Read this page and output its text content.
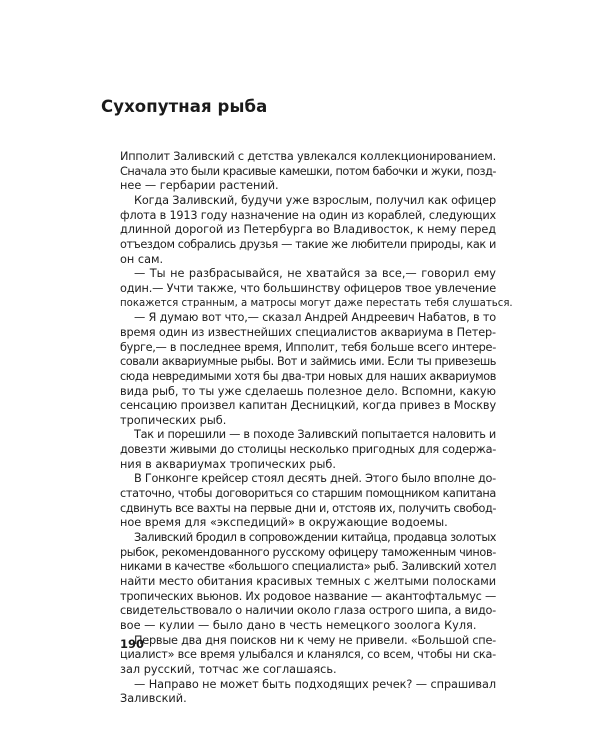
Сухопутная рыба

Ипполит Заливский с детства увлекался коллекционированием.
Сначала это были красивые камешки, потом бабочки и жуки, позд-
нее — гербарии растений.

Когда Заливский, будучи уже взрослым, получил как офицер
флота в 1913 году назначение на один из кораблей, следующих
длинной дорогой из Петербурга во Владивосток, к нему перед
отъездом собрались друзья — такие же любители природы, как и
он сам.

— Ты не разбрасывайся, не хватайся за все,— говорил ему
один.— Учти также, что большинству офицеров твое увлечение
покажется странным, а матросы могут даже перестать тебя слушаться.

— Я думаю вот что,— сказал Андрей Андреевич Набатов, в то
время один из известнейших специалистов аквариума в Петер-
бурге,— в последнее время, Ипполит, тебя больше всего интере-
совали аквариумные рыбы. Вот и займись ими. Если ты привезешь
сюда невредимыми хотя бы два-три новых для наших аквариумов
вида рыб, то ты уже сделаешь полезное дело. Вспомни, какую
сенсацию произвел капитан Десницкий, когда привез в Москву
тропических рыб.

Так и порешили — в походе Заливский попытается наловить и
довезти живыми до столицы несколько пригодных для содержа-
ния в аквариумах тропических рыб.

В Гонконге крейсер стоял десять дней. Этого было вполне до-
статочно, чтобы договориться со старшим помощником капитана
сдвинуть все вахты на первые дни и, отстояв их, получить свобод-
ное время для «экспедиций» в окружающие водоемы.

Заливский бродил в сопровождении китайца, продавца золотых
рыбок, рекомендованного русскому офицеру таможенным чинов-
никами в качестве «большого специалиста» рыб. Заливский хотел
найти место обитания красивых темных с желтыми полосками
тропических вьюнов. Их родовое название — акантофтальмус —
свидетельствовало о наличии около глаза острого шипа, а видо-
вое — кулии — было дано в честь немецкого зоолога Куля.

Первые два дня поисков ни к чему не привели. «Большой спе-
циалист» все время улыбался и кланялся, со всем, чтобы ни ска-
зал русский, тотчас же соглашаясь.

— Направо не может быть подходящих речек? — спрашивал
Заливский.

190
